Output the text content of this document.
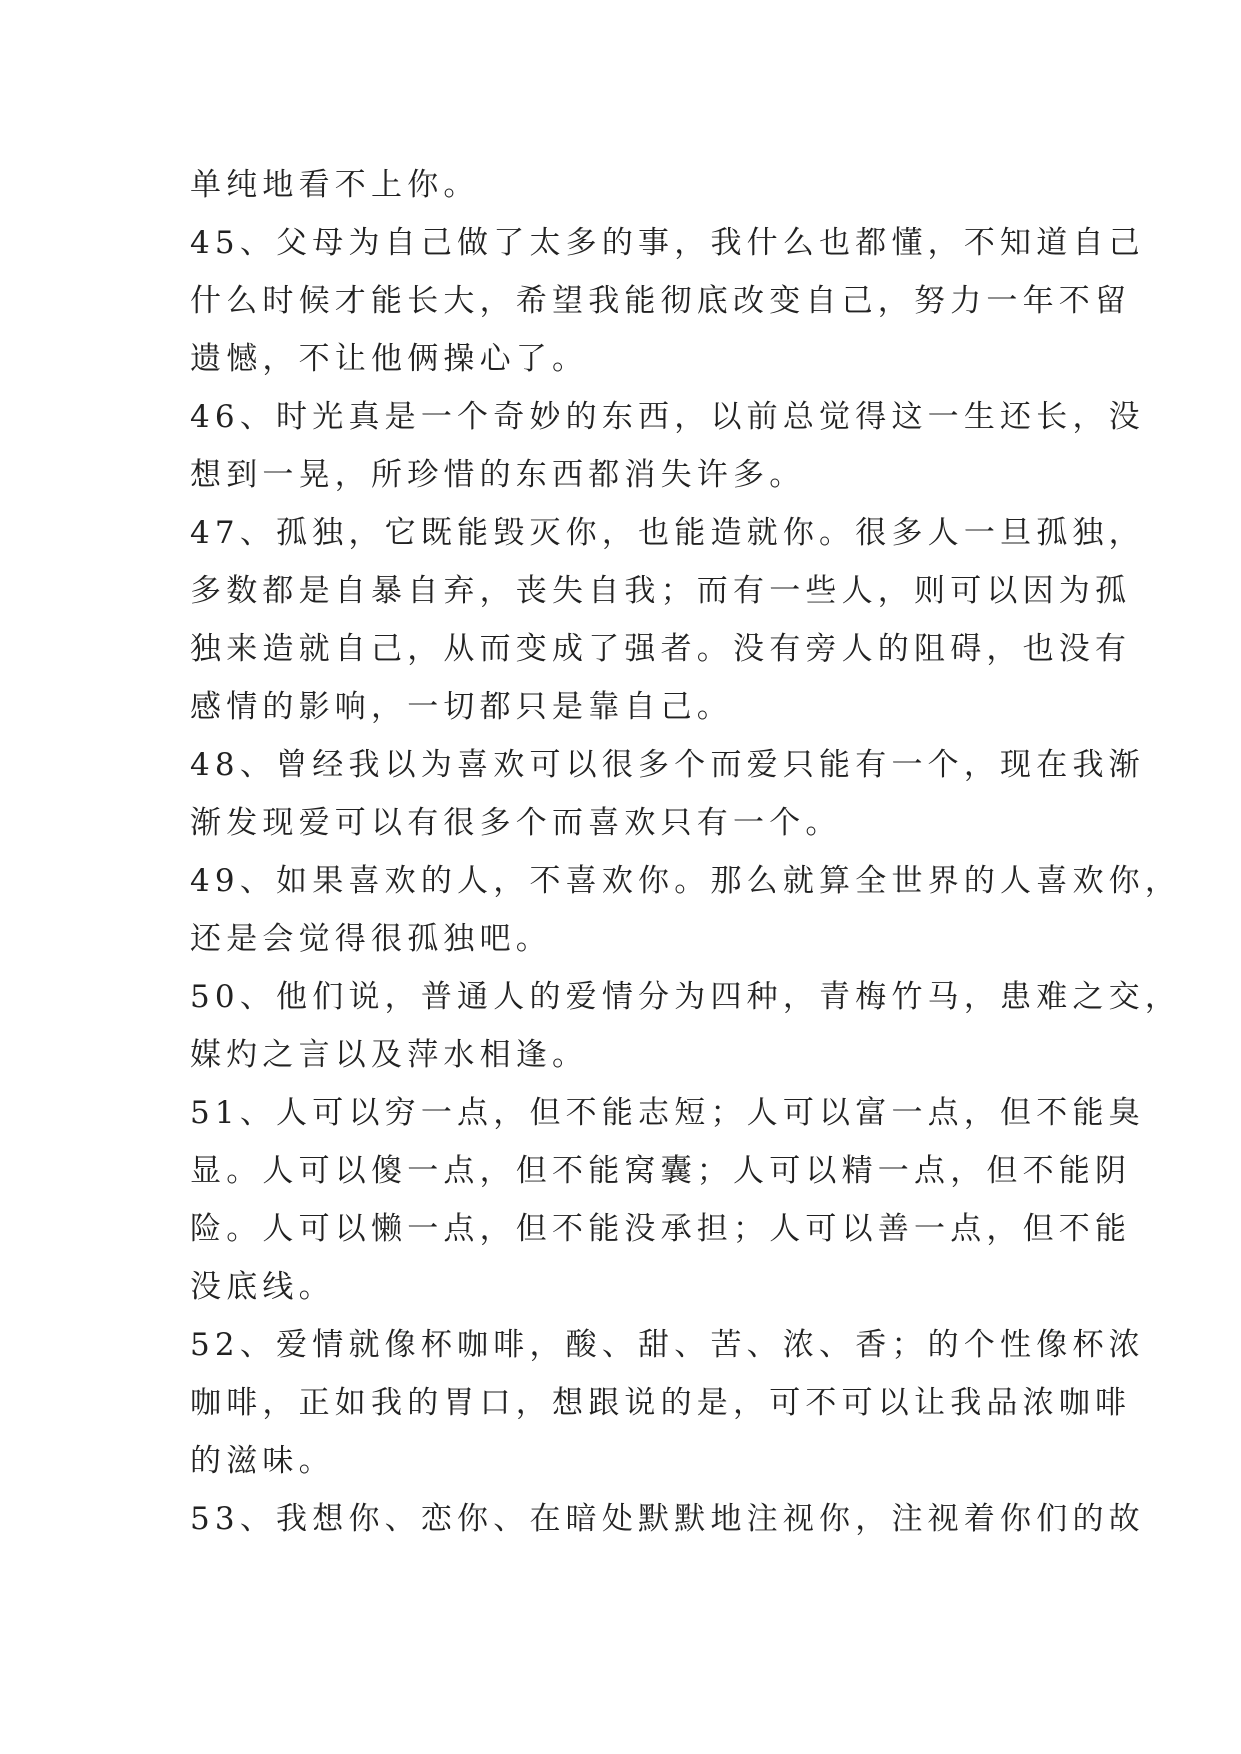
单纯地看不上你。
45、父母为自己做了太多的事，我什么也都懂，不知道自己
什么时候才能长大，希望我能彻底改变自己，努力一年不留
遗憾，不让他俩操心了。
46、时光真是一个奇妙的东西，以前总觉得这一生还长，没
想到一晃，所珍惜的东西都消失许多。
47、孤独，它既能毁灭你，也能造就你。很多人一旦孤独，
多数都是自暴自弃，丧失自我；而有一些人，则可以因为孤
独来造就自己，从而变成了强者。没有旁人的阻碍，也没有
感情的影响，一切都只是靠自己。
48、曾经我以为喜欢可以很多个而爱只能有一个，现在我渐
渐发现爱可以有很多个而喜欢只有一个。
49、如果喜欢的人，不喜欢你。那么就算全世界的人喜欢你，
还是会觉得很孤独吧。
50、他们说，普通人的爱情分为四种，青梅竹马，患难之交，
媒灼之言以及萍水相逢。
51、人可以穷一点，但不能志短；人可以富一点，但不能臭
显。人可以傻一点，但不能窝囊；人可以精一点，但不能阴
险。人可以懒一点，但不能没承担；人可以善一点，但不能
没底线。
52、爱情就像杯咖啡，酸、甜、苦、浓、香；的个性像杯浓
咖啡，正如我的胃口，想跟说的是，可不可以让我品浓咖啡
的滋味。
53、我想你、恋你、在暗处默默地注视你，注视着你们的故
